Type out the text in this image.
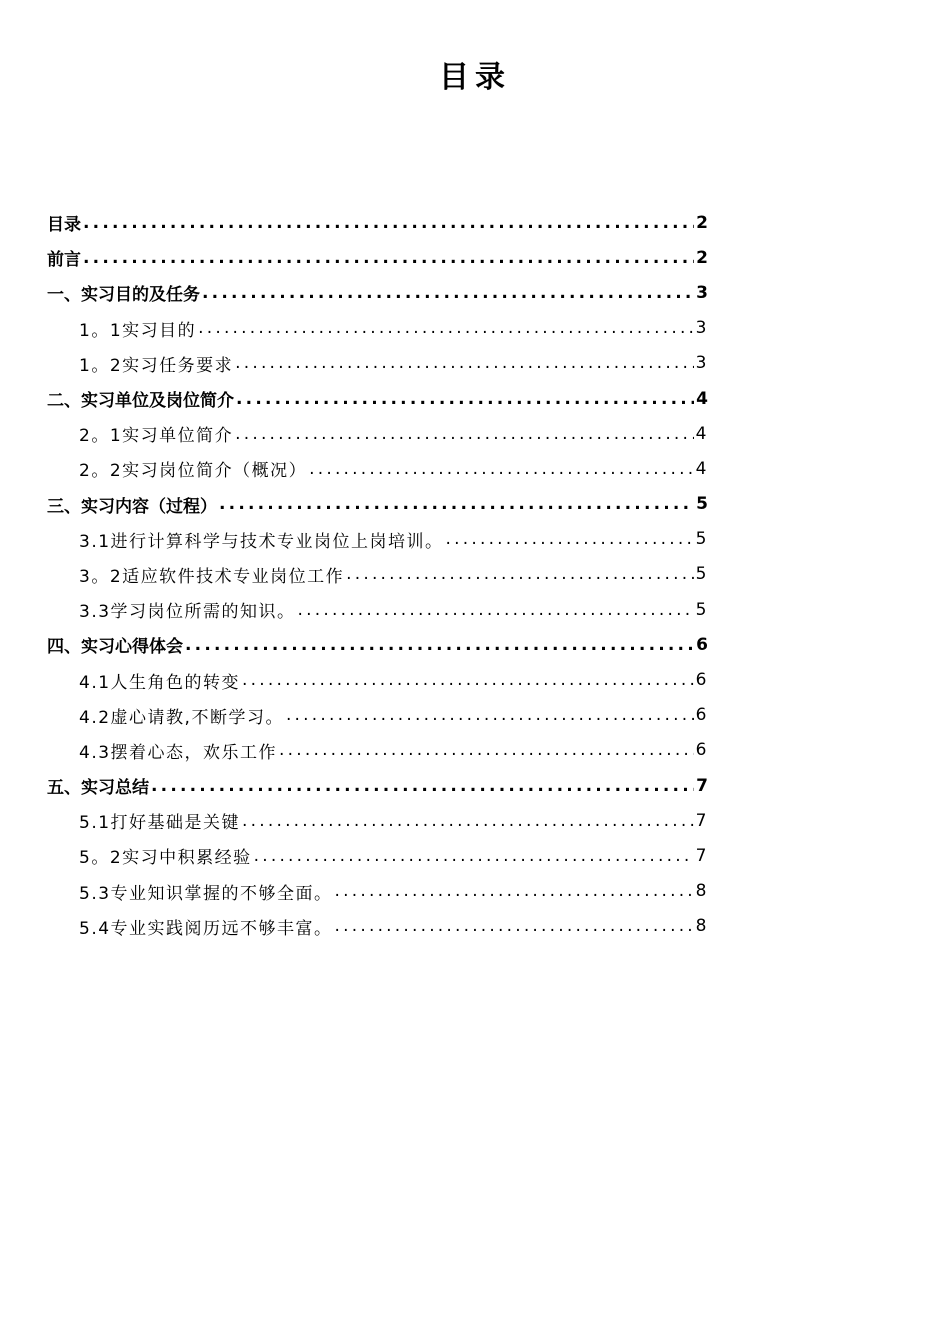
目录
目录 .....	2
前言 .....	2
一、实习目的及任务 .....	3
1。1实习目的 .....	3
1。2实习任务要求 .....	3
二、实习单位及岗位简介 .....	4
2。1实习单位简介 .....	4
2。2实习岗位简介（概况） .....	4
三、实习内容（过程） .....	5
3.1进行计算科学与技术专业岗位上岗培训。 .....	5
3。2适应软件技术专业岗位工作 .....	5
3.3学习岗位所需的知识。 .....	5
四、实习心得体会 .....	6
4.1人生角色的转变 .....	6
4.2虚心请教,不断学习。 .....	6
4.3摆着心态，欢乐工作 .....	6
五、实习总结 .....	7
5.1打好基础是关键 .....	7
5。2实习中积累经验 .....	7
5.3专业知识掌握的不够全面。 .....	8
5.4专业实践阅历远不够丰富。 .....	8
